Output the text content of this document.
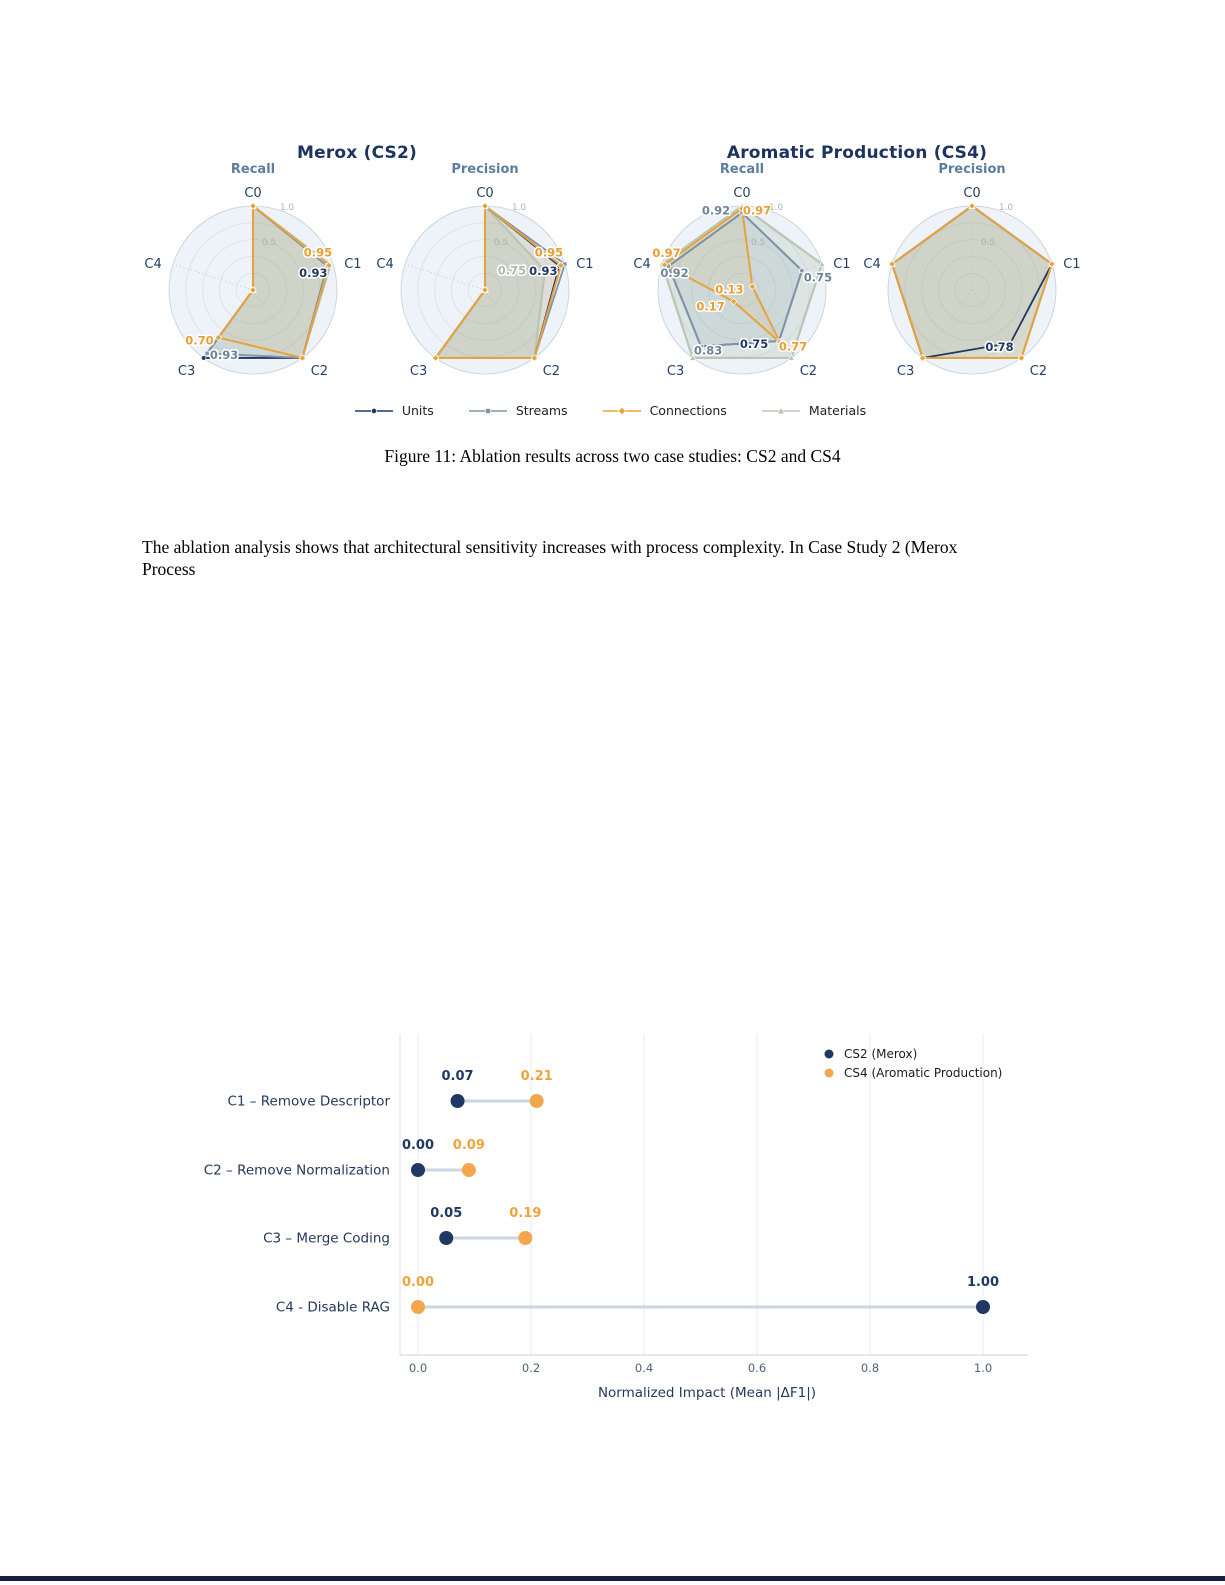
Merox (CS2)	Aromatic Production (CS4)
Recall	Precision	Recall	Precision
0.5
1.0
C0
C1
C2
C3
C4
0.95
0.93
0.70
0.93
0.5
1.0
C0
C1
C2
C3
C4
0.95
0.93
0.75
0.5
1.0
C0
C1
C2
C3
C4
0.92 0.97
0.97
0.92
0.13
0.17
0.75
0.75 0.77
0.83
0.5
1.0
C0
C1
C2
C3
C4
0.78
Units	Streams	Connections	Materials
Figure 11: Ablation results across two case studies: CS2 and CS4
The ablation analysis shows that architectural sensitivity increases with process complexity. In Case Study 2 (Merox
Process
0.07	0.21
C1 – Remove Descriptor
0.00 0.09
C2 – Remove Normalization
0.05	0.19
C3 – Merge Coding
1.00
0.00
C4 - Disable RAG
0.0	0.2	0.4	0.6	0.8	1.0
Normalized Impact (Mean |ΔF1|)
CS2 (Merox)
CS4 (Aromatic Production)
